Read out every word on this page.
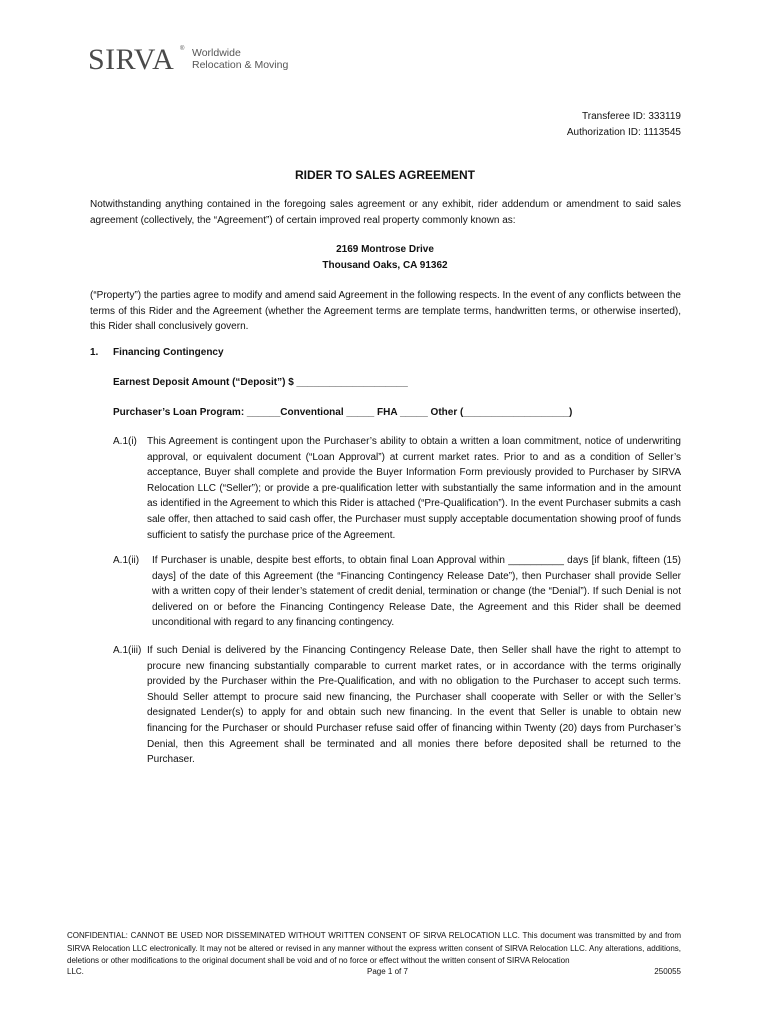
SIRVA ® Worldwide
Relocation & Moving
Transferee ID: 333119
Authorization ID: 1113545
RIDER TO SALES AGREEMENT
Notwithstanding anything contained in the foregoing sales agreement or any exhibit, rider addendum or amendment to said sales agreement (collectively, the “Agreement”) of certain improved real property commonly known as:
2169 Montrose Drive
Thousand Oaks, CA 91362
(“Property”) the parties agree to modify and amend said Agreement in the following respects. In the event of any conflicts between the terms of this Rider and the Agreement (whether the Agreement terms are template terms, handwritten terms, or otherwise inserted), this Rider shall conclusively govern.
1. Financing Contingency
Earnest Deposit Amount (“Deposit”) $ ____________________
Purchaser’s Loan Program: ______Conventional _____ FHA _____ Other (___________________)
A.1(i) This Agreement is contingent upon the Purchaser’s ability to obtain a written a loan commitment, notice of underwriting approval, or equivalent document (“Loan Approval”) at current market rates. Prior to and as a condition of Seller’s acceptance, Buyer shall complete and provide the Buyer Information Form previously provided to Purchaser by SIRVA Relocation LLC (“Seller”); or provide a pre-qualification letter with substantially the same information and in the amount as identified in the Agreement to which this Rider is attached (“Pre-Qualification”). In the event Purchaser submits a cash sale offer, then attached to said cash offer, the Purchaser must supply acceptable documentation showing proof of funds sufficient to satisfy the purchase price of the Agreement.
A.1(ii) If Purchaser is unable, despite best efforts, to obtain final Loan Approval within __________ days [if blank, fifteen (15) days] of the date of this Agreement (the “Financing Contingency Release Date”), then Purchaser shall provide Seller with a written copy of their lender’s statement of credit denial, termination or change (the “Denial”). If such Denial is not delivered on or before the Financing Contingency Release Date, the Agreement and this Rider shall be deemed unconditional with regard to any financing contingency.
A.1(iii) If such Denial is delivered by the Financing Contingency Release Date, then Seller shall have the right to attempt to procure new financing substantially comparable to current market rates, or in accordance with the terms originally provided by the Purchaser within the Pre-Qualification, and with no obligation to the Purchaser to accept such terms. Should Seller attempt to procure said new financing, the Purchaser shall cooperate with Seller or with the Seller’s designated Lender(s) to apply for and obtain such new financing. In the event that Seller is unable to obtain new financing for the Purchaser or should Purchaser refuse said offer of financing within Twenty (20) days from Purchaser’s Denial, then this Agreement shall be terminated and all monies there before deposited shall be returned to the Purchaser.
CONFIDENTIAL: CANNOT BE USED NOR DISSEMINATED WITHOUT WRITTEN CONSENT OF SIRVA RELOCATION LLC. This document was transmitted by and from SIRVA Relocation LLC electronically. It may not be altered or revised in any manner without the express written consent of SIRVA Relocation LLC. Any alterations, additions, deletions or other modifications to the original document shall be void and of no force or effect without the written consent of SIRVA Relocation
LLC.	Page 1 of 7	250055
